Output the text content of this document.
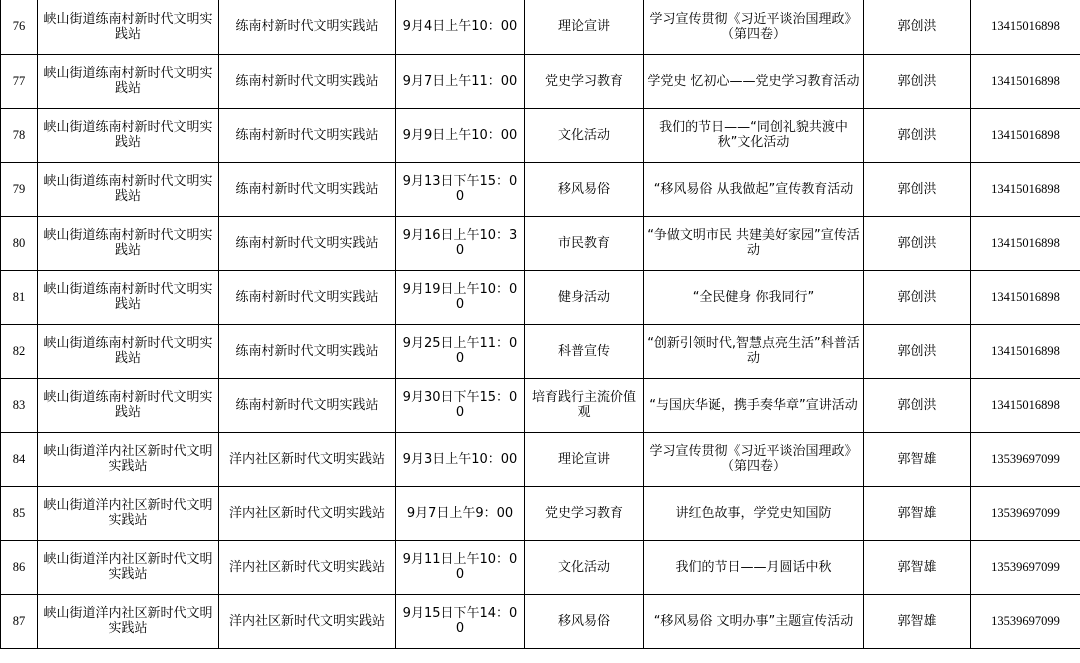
76	峡山街道练南村新时代文明实践站	练南村新时代文明实践站	9月4日上午10：00	理论宣讲	学习宣传贯彻《习近平谈治国理政》（第四卷）	郭创洪	13415016898
77	峡山街道练南村新时代文明实践站	练南村新时代文明实践站	9月7日上午11：00	党史学习教育	学党史 忆初心——党史学习教育活动	郭创洪	13415016898
78	峡山街道练南村新时代文明实践站	练南村新时代文明实践站	9月9日上午10：00	文化活动	我们的节日——“同创礼貌共渡中秋”文化活动	郭创洪	13415016898
79	峡山街道练南村新时代文明实践站	练南村新时代文明实践站	9月13日下午15：00	移风易俗	“移风易俗 从我做起”宣传教育活动	郭创洪	13415016898
80	峡山街道练南村新时代文明实践站	练南村新时代文明实践站	9月16日上午10：30	市民教育	“争做文明市民 共建美好家园”宣传活动	郭创洪	13415016898
81	峡山街道练南村新时代文明实践站	练南村新时代文明实践站	9月19日上午10：00	健身活动	“全民健身 你我同行”	郭创洪	13415016898
82	峡山街道练南村新时代文明实践站	练南村新时代文明实践站	9月25日上午11：00	科普宣传	“创新引领时代,智慧点亮生活”科普活动	郭创洪	13415016898
83	峡山街道练南村新时代文明实践站	练南村新时代文明实践站	9月30日下午15：00	培育践行主流价值观	“与国庆华诞，携手奏华章”宣讲活动	郭创洪	13415016898
84	峡山街道洋内社区新时代文明实践站	洋内社区新时代文明实践站	9月3日上午10：00	理论宣讲	学习宣传贯彻《习近平谈治国理政》（第四卷）	郭智雄	13539697099
85	峡山街道洋内社区新时代文明实践站	洋内社区新时代文明实践站	9月7日上午9：00	党史学习教育	讲红色故事，学党史知国防	郭智雄	13539697099
86	峡山街道洋内社区新时代文明实践站	洋内社区新时代文明实践站	9月11日上午10：00	文化活动	我们的节日——月圆话中秋	郭智雄	13539697099
87	峡山街道洋内社区新时代文明实践站	洋内社区新时代文明实践站	9月15日下午14：00	移风易俗	“移风易俗 文明办事”主题宣传活动	郭智雄	13539697099
